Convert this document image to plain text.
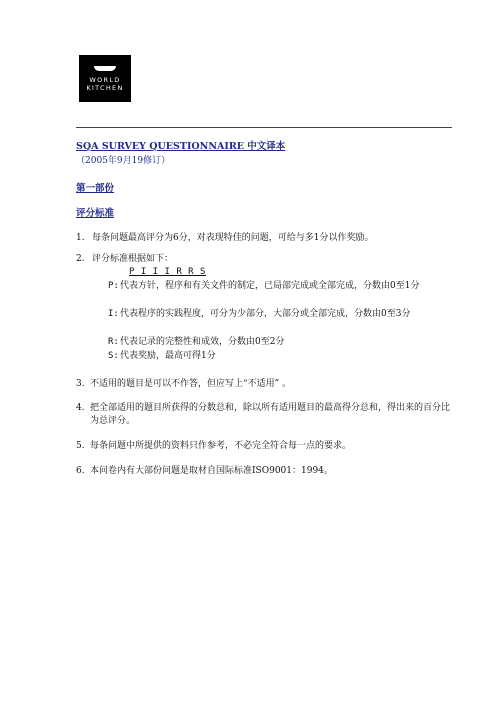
WORLD
KITCHEN
SQA SURVEY QUESTIONNAIRE 中文译本
（2005年9月19修订）
第一部份
评分标准
1. 每条问题最高评分为6分，对表现特佳的问题，可给与多1分以作奖励。
2. 评分标准根据如下：
P I I I R R S
P: 代表方针，程序和有关文件的制定，已局部完成或全部完成，分数由0至1分
I: 代表程序的实践程度，可分为少部分，大部分或全部完成，分数由0至3分
R: 代表记录的完整性和成效，分数由0至2分
S: 代表奖励，最高可得1分
3. 不适用的题目是可以不作答，但应写上“不适用” 。
4. 把全部适用的题目所获得的分数总和，除以所有适用题目的最高得分总和，得出来的百分比为总评分。
5. 每条问题中所提供的资料只作参考，不必完全符合每一点的要求。
6. 本问卷内有大部份问题是取材自国际标准ISO9001：1994。
